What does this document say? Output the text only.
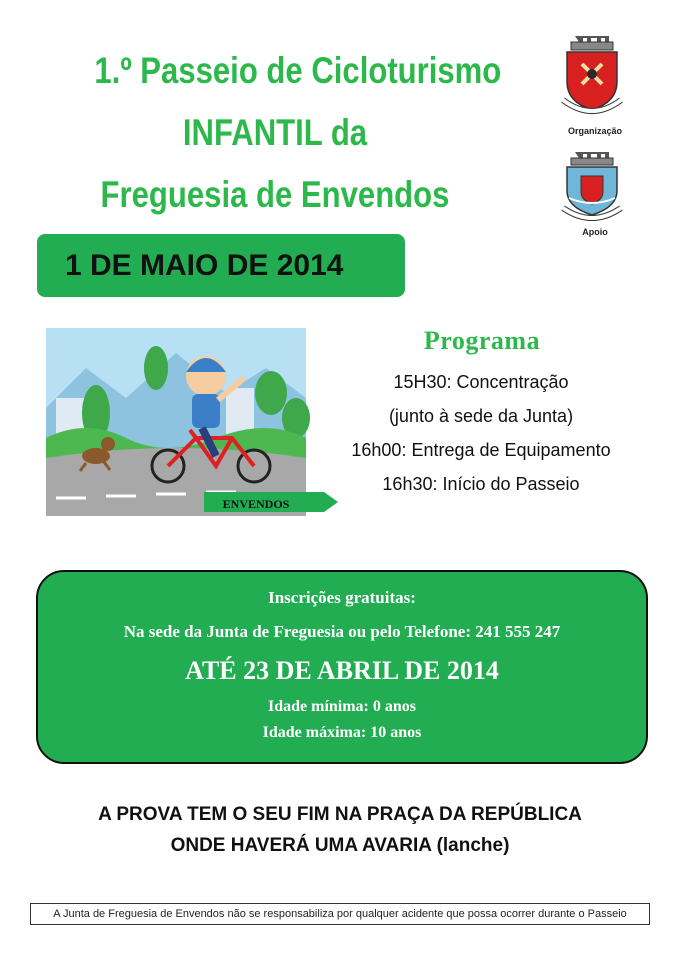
1.º Passeio de Cicloturismo
INFANTIL da
Freguesia de Envendos
1 DE MAIO DE 2014
Organização
Apoio
ENVENDOS
Programa
15H30: Concentração
(junto à sede da Junta)
16h00: Entrega de Equipamento
16h30: Início do Passeio
Inscrições gratuitas:
Na sede da Junta de Freguesia ou pelo Telefone: 241 555 247
ATÉ 23 DE ABRIL DE 2014
Idade mínima: 0 anos
Idade máxima: 10 anos
A PROVA TEM O SEU FIM NA PRAÇA DA REPÚBLICA
ONDE HAVERÁ UMA AVARIA (lanche)
A Junta de Freguesia de Envendos não se responsabiliza por qualquer acidente que possa ocorrer durante o Passeio
